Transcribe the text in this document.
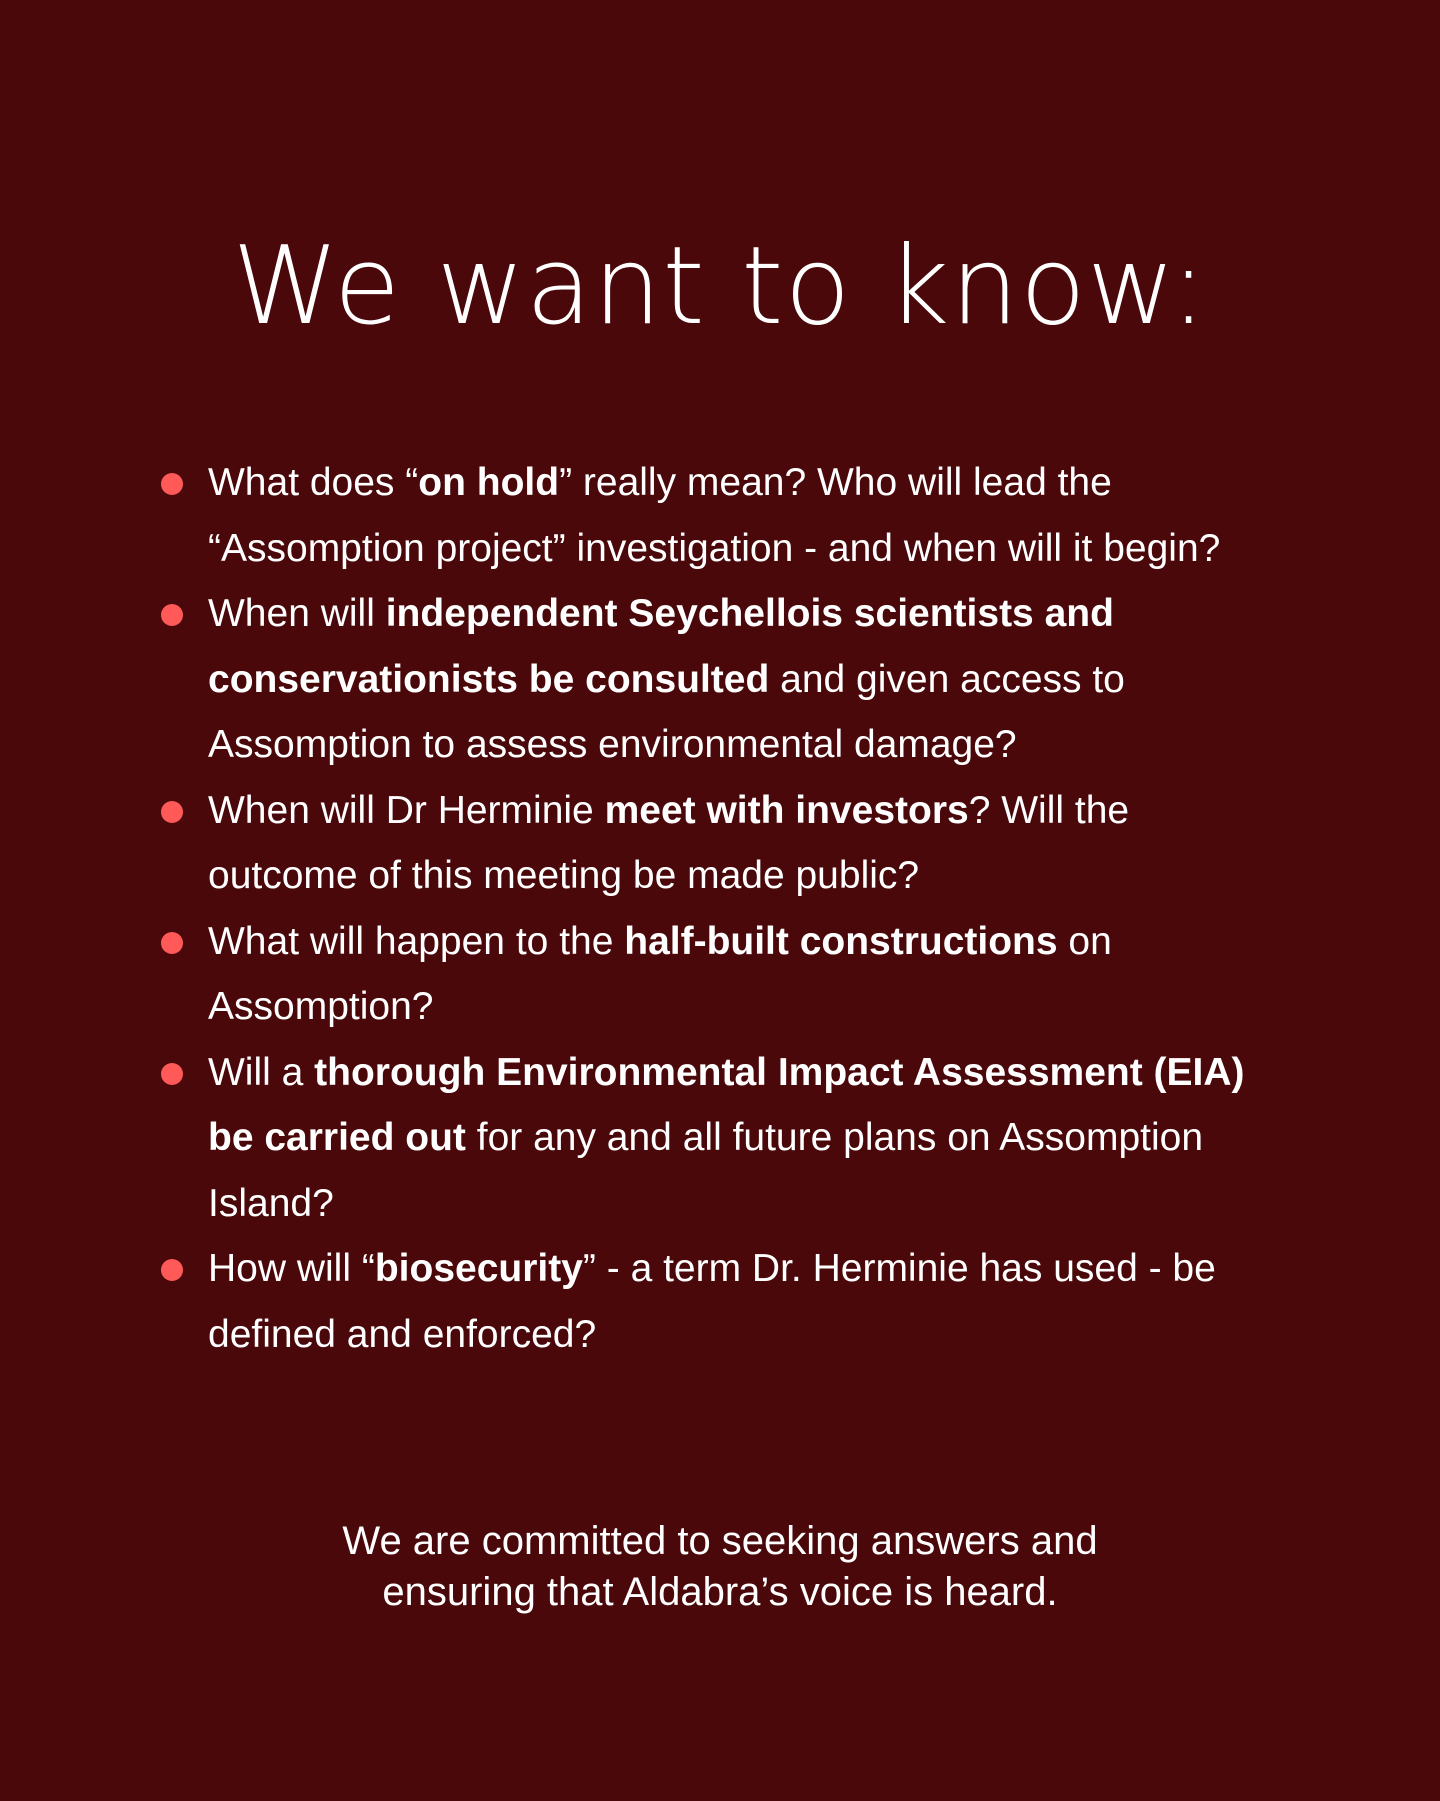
We want to know:
What does “on hold” really mean? Who will lead the “Assomption project” investigation - and when will it begin?
When will independent Seychellois scientists and conservationists be consulted and given access to Assomption to assess environmental damage?
When will Dr Herminie meet with investors? Will the outcome of this meeting be made public?
What will happen to the half-built constructions on Assomption?
Will a thorough Environmental Impact Assessment (EIA) be carried out for any and all future plans on Assomption Island?
How will “biosecurity” - a term Dr. Herminie has used - be defined and enforced?

We are committed to seeking answers and
ensuring that Aldabra’s voice is heard.
